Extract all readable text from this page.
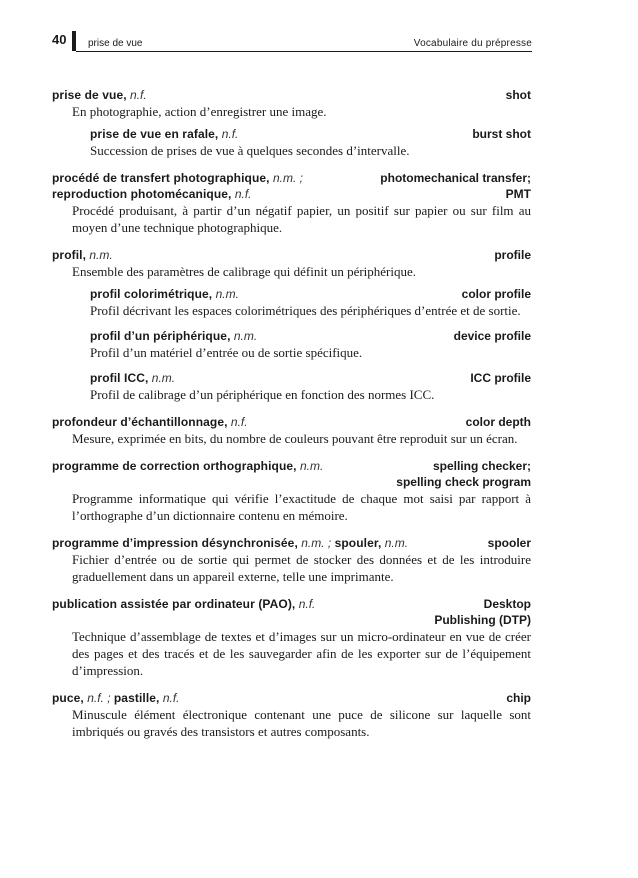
40 prise de vue	Vocabulaire du prépresse
shot
prise de vue, n.f.
En photographie, action d’enregistrer une image.
burst shot
prise de vue en rafale, n.f.
Succession de prises de vue à quelques secondes d’intervalle.
photomechanical transfer;
procédé de transfert photographique, n.m. ;
PMT
reproduction photomécanique, n.f.
Procédé produisant, à partir d’un négatif papier, un positif sur papier ou sur film au moyen d’une technique photographique.
profile
profil, n.m.
Ensemble des paramètres de calibrage qui définit un périphérique.
color profile
profil colorimétrique, n.m.
Profil décrivant les espaces colorimétriques des périphériques d’entrée et de sortie.
device profile
profil d’un périphérique, n.m.
Profil d’un matériel d’entrée ou de sortie spécifique.
ICC profile
profil ICC, n.m.
Profil de calibrage d’un périphérique en fonction des normes ICC.
color depth
profondeur d’échantillonnage, n.f.
Mesure, exprimée en bits, du nombre de couleurs pouvant être reproduit sur un écran.
spelling checker;
programme de correction orthographique, n.m.
spelling check program
Programme informatique qui vérifie l’exactitude de chaque mot saisi par rapport à l’orthographe d’un dictionnaire contenu en mémoire.
spooler
programme d’impression désynchronisée, n.m. ; spouler, n.m.
Fichier d’entrée ou de sortie qui permet de stocker des données et de les introduire graduellement dans un appareil externe, telle une imprimante.
Desktop
publication assistée par ordinateur (PAO), n.f.
Publishing (DTP)
Technique d’assemblage de textes et d’images sur un micro-ordinateur en vue de créer des pages et des tracés et de les sauvegarder afin de les exporter sur de l’équipement d’impression.
chip
puce, n.f. ; pastille, n.f.
Minuscule élément électronique contenant une puce de silicone sur laquelle sont imbriqués ou gravés des transistors et autres composants.
